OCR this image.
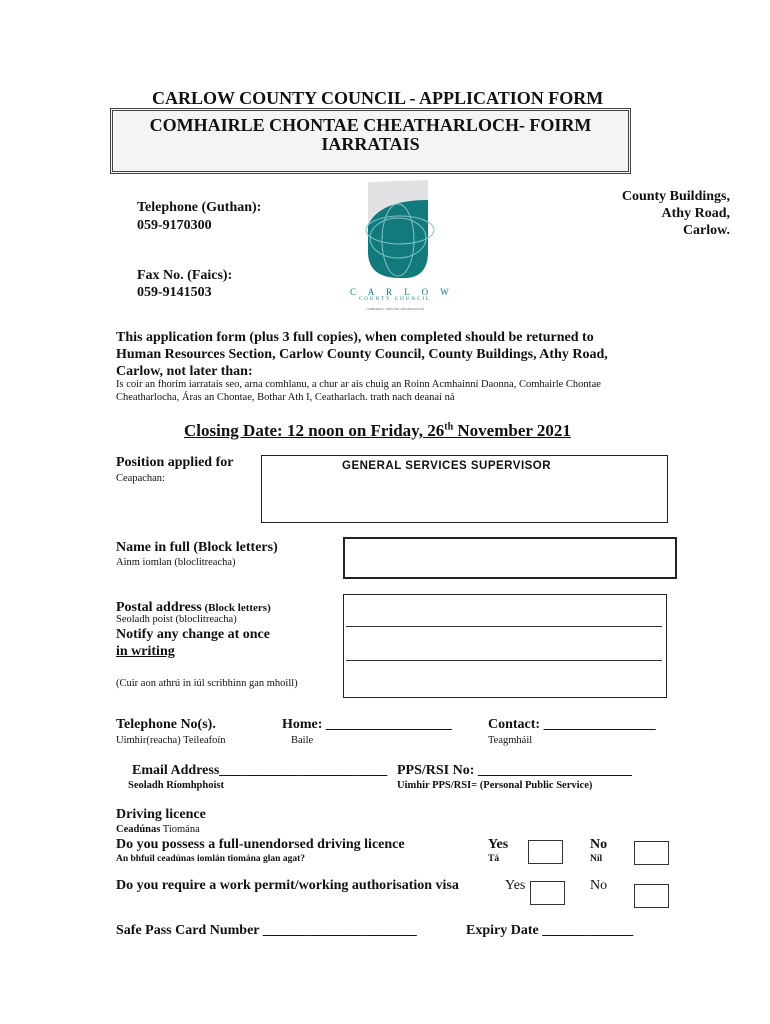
CARLOW COUNTY COUNCIL - APPLICATION FORM
COMHAIRLE CHONTAE CHEATHARLOCH- FOIRM
IARRATAIS
Telephone (Guthan):
059-9170300
Fax No. (Faics):
059-9141503
County Buildings,
Athy Road,
Carlow.
C A R L O W
COUNTY COUNCIL
COMHAIRLE CHONTAE CHEATHARLOCH
This application form (plus 3 full copies), when completed should be returned to
Human Resources Section, Carlow County Council, County Buildings, Athy Road,
Carlow, not later than:
Is coir an fhorim iarratais seo, arna comhlanu, a chur ar ais chuig an Roinn Acmhainní Daonna, Comhairle Chontae
Cheatharlocha, Áras an Chontae, Bothar Ath I, Ceatharlach. trath nach deanaí ná
Closing Date: 12 noon on Friday, 26th November 2021
Position applied for
Ceapachan:
GENERAL SERVICES SUPERVISOR
Name in full (Block letters)
Ainm iomlan (bloclitreacha)
Postal address (Block letters)
Seoladh poist (bloclitreacha)
Notify any change at once
in writing
(Cuir aon athrú in iúl scribhinn gan mhoill)
Telephone No(s).
Uimhir(reacha) Teileafoín
Home: __________________
Baile
Contact: ________________
Teagmháil
Email Address________________________
Seoladh Ríomhphoist
PPS/RSI No: ______________________
Uimhir PPS/RSI= (Personal Public Service)
Driving licence
Ceadúnas Tiomána
Do you possess a full-unendorsed driving licence
An bhfuil ceadúnas iomlán tiomána glan agat?
Yes
Tá
No
Níl
Do you require a work permit/working authorisation visa	Yes	No
Safe Pass Card Number ______________________	Expiry Date _____________
